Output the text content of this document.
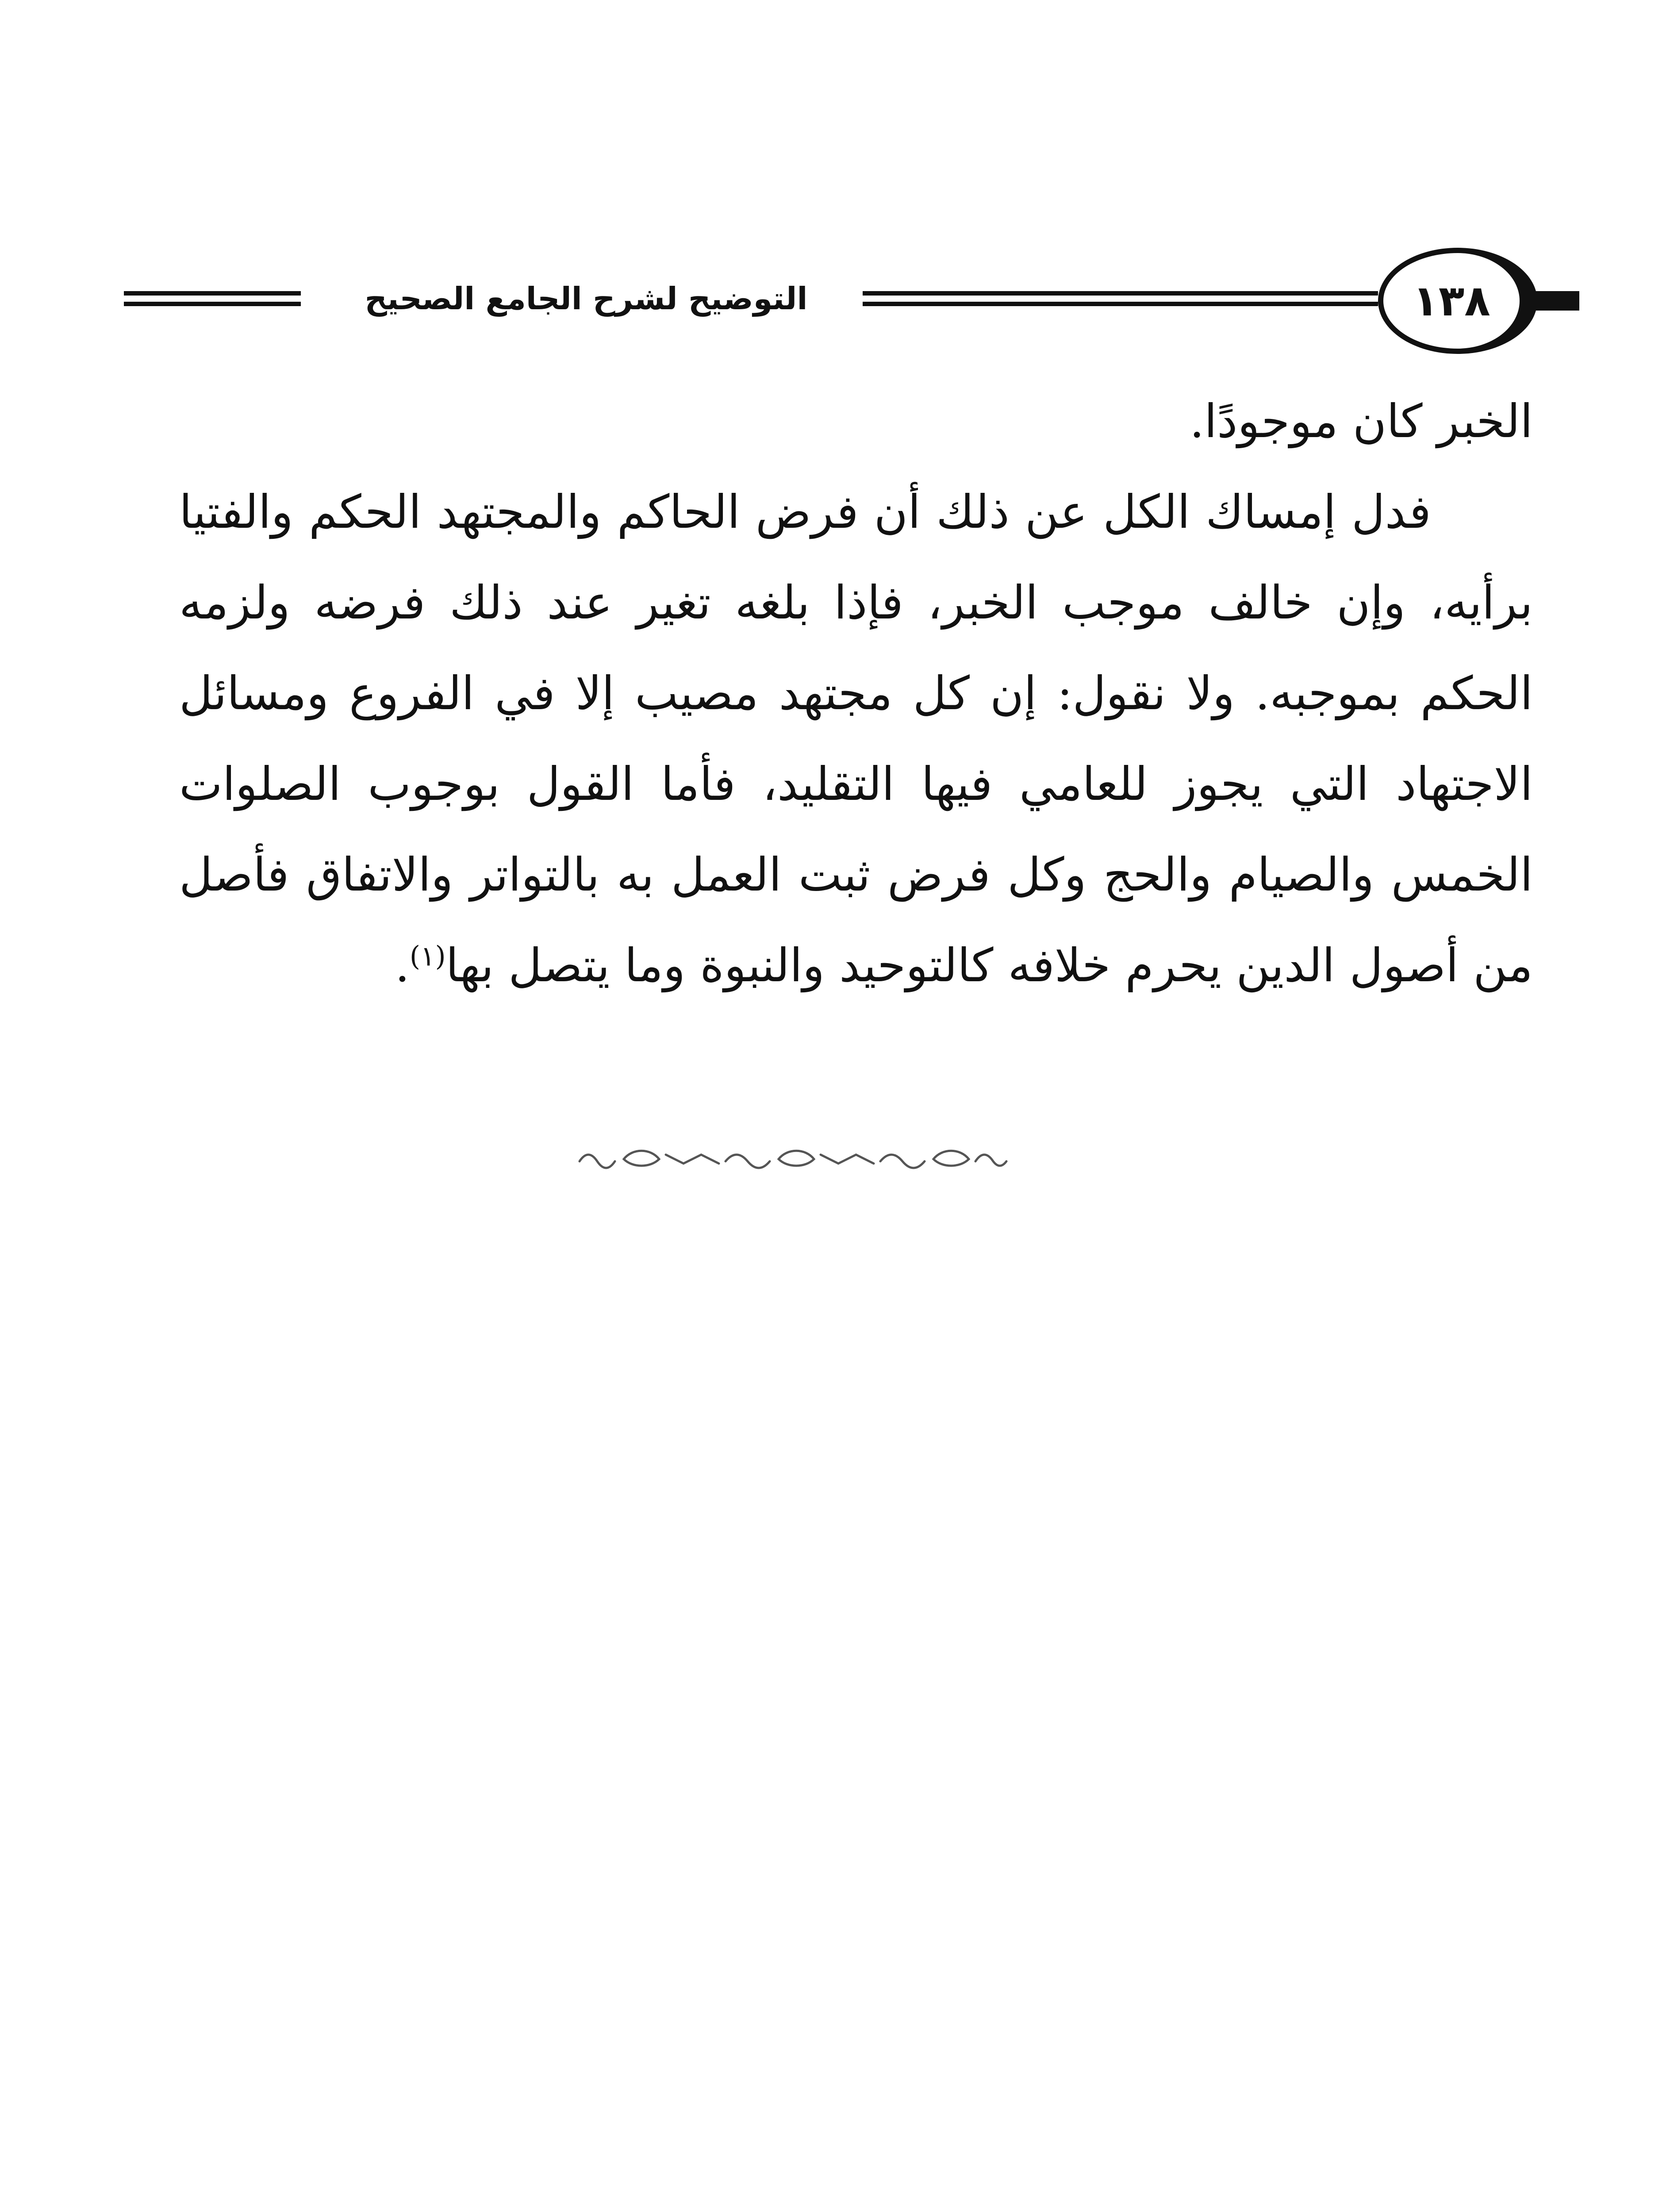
١٣٨
التوضيح لشرح الجامع الصحيح

الخبر كان موجودًا.

فدل إمساك الكل عن ذلك أن فرض الحاكم والمجتهد الحكم والفتيا برأيه، وإن خالف موجب الخبر، فإذا بلغه تغير عند ذلك فرضه ولزمه الحكم بموجبه. ولا نقول: إن كل مجتهد مصيب إلا في الفروع ومسائل الاجتهاد التي يجوز للعامي فيها التقليد، فأما القول بوجوب الصلوات الخمس والصيام والحج وكل فرض ثبت العمل به بالتواتر والاتفاق فأصل من أصول الدين يحرم خلافه كالتوحيد والنبوة وما يتصل بها$^{(١)}$.
